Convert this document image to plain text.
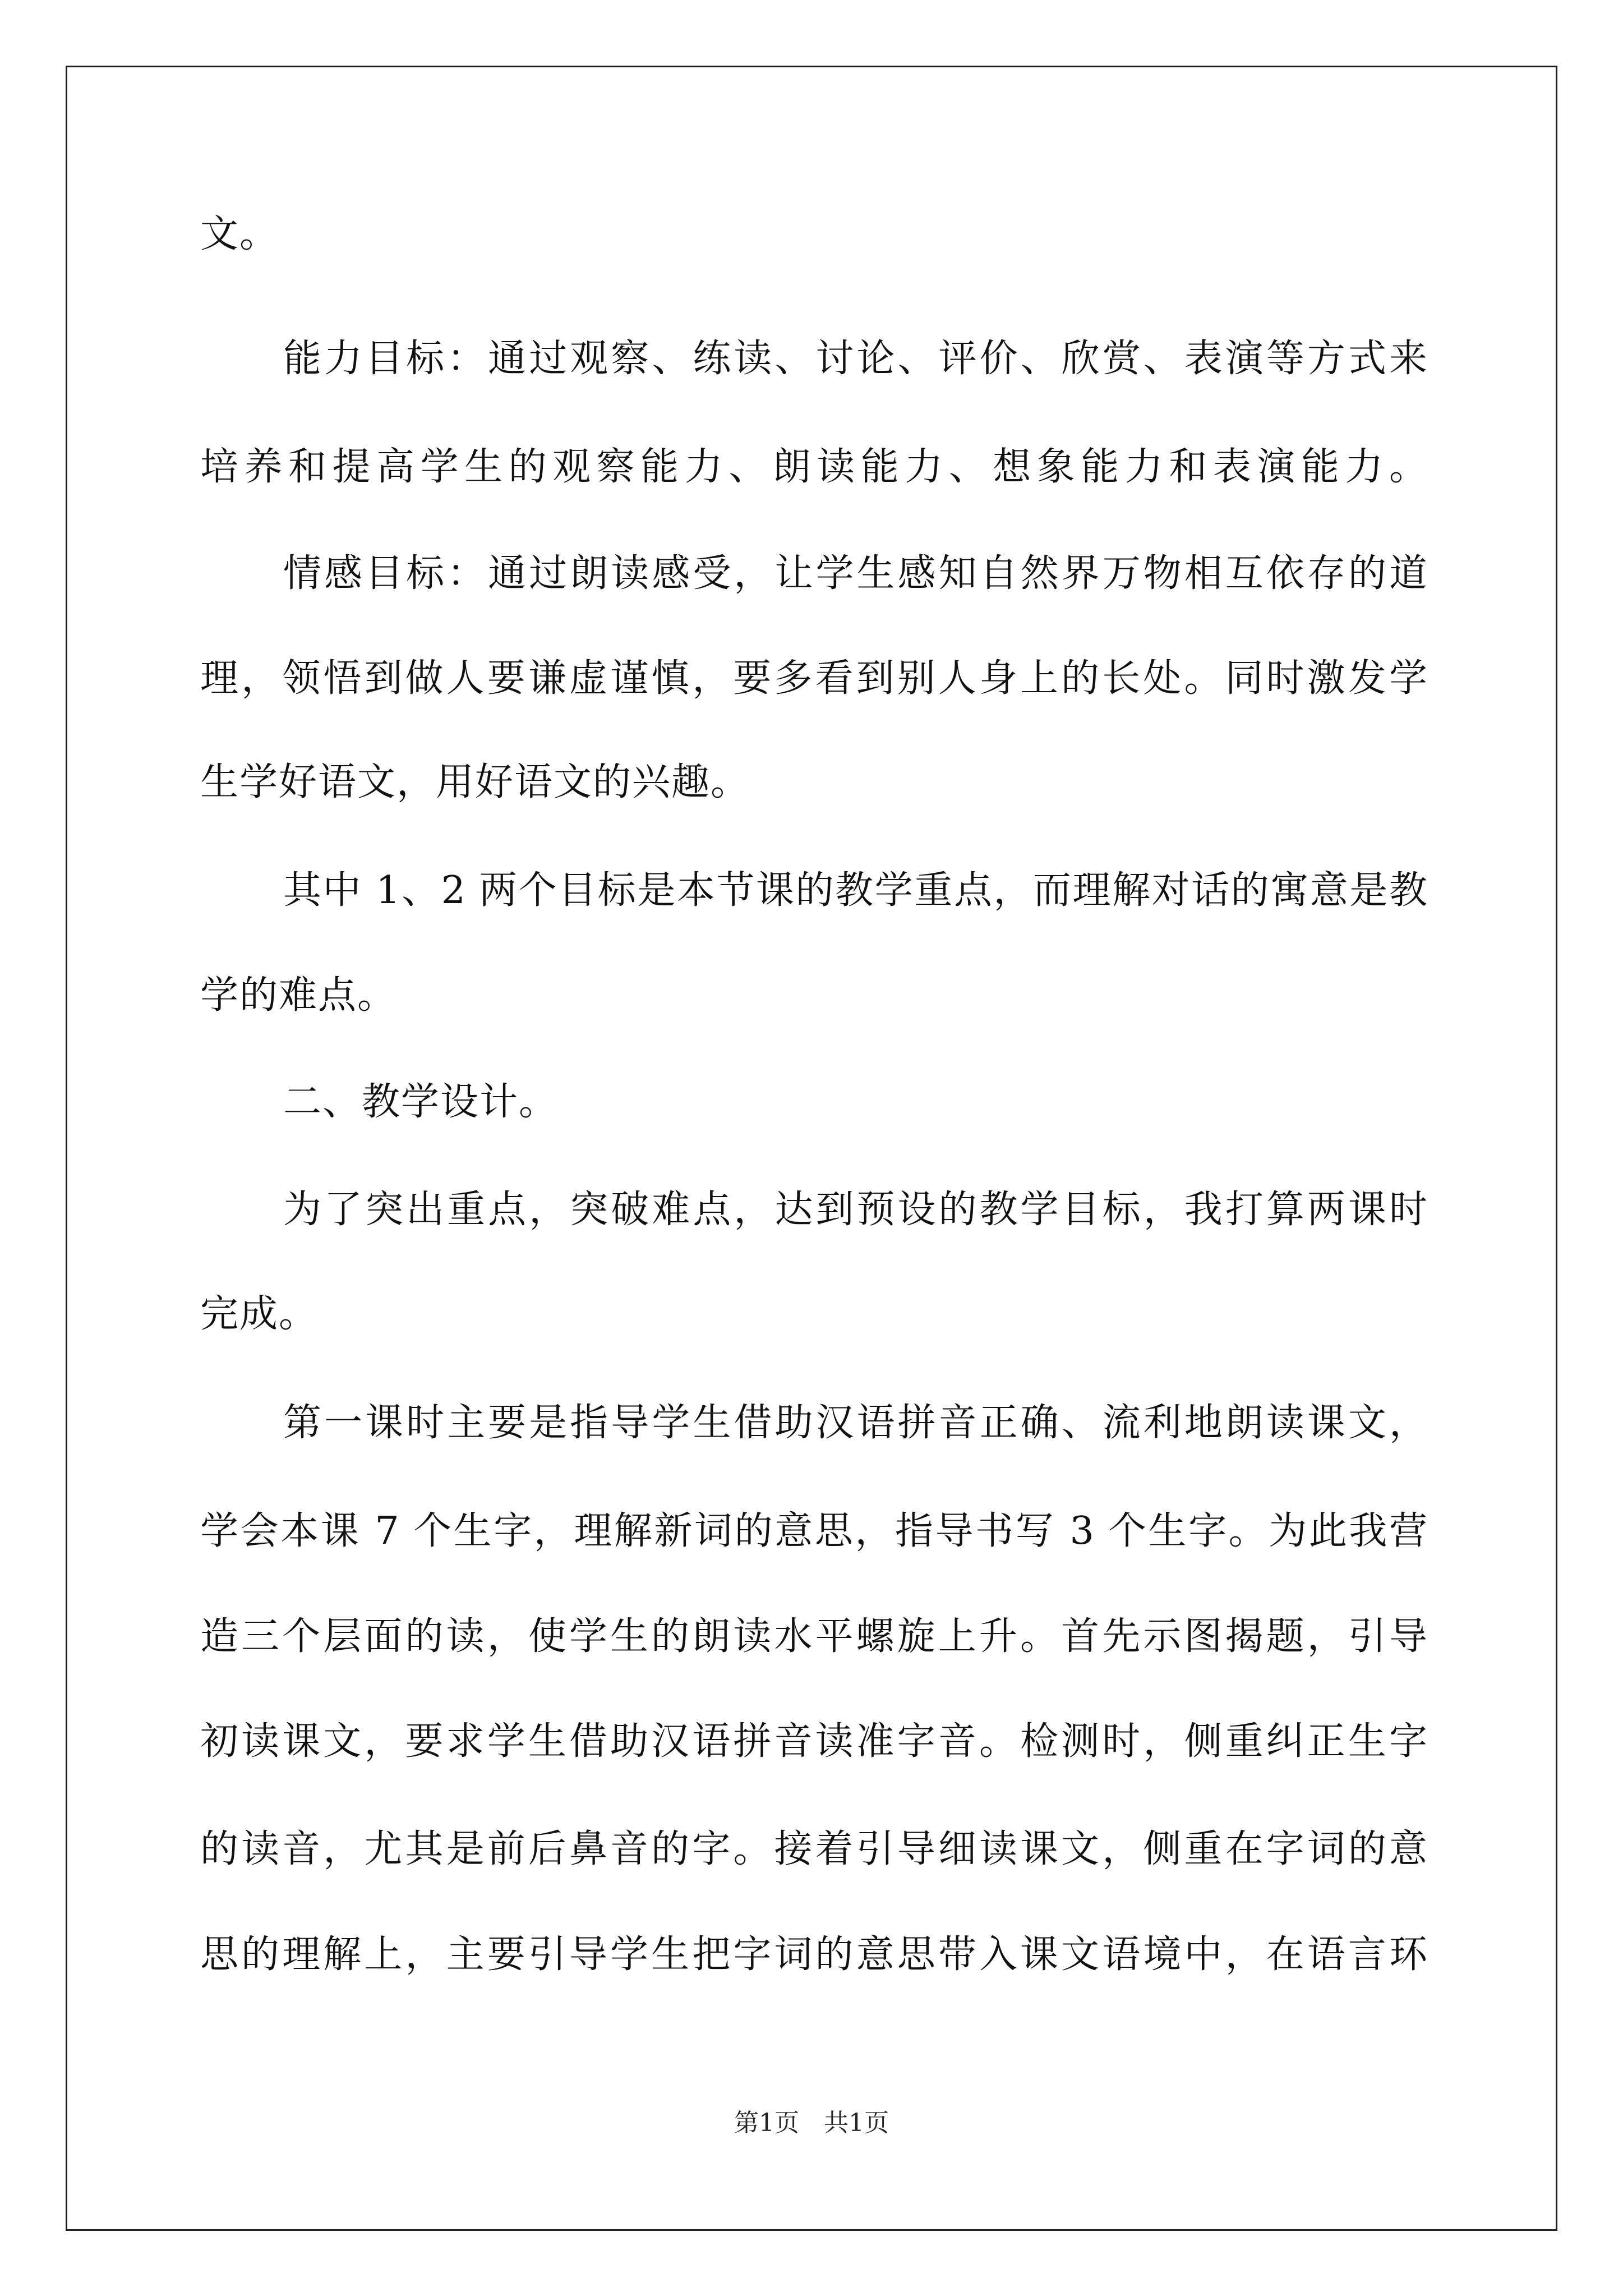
文。
能力目标：通过观察、练读、讨论、评价、欣赏、表演等方式来
培养和提高学生的观察能力、朗读能力、想象能力和表演能力。
情感目标：通过朗读感受，让学生感知自然界万物相互依存的道
理，领悟到做人要谦虚谨慎，要多看到别人身上的长处。同时激发学
生学好语文，用好语文的兴趣。
其中 1、2 两个目标是本节课的教学重点，而理解对话的寓意是教
学的难点。
二、教学设计。
为了突出重点，突破难点，达到预设的教学目标，我打算两课时
完成。
第一课时主要是指导学生借助汉语拼音正确、流利地朗读课文，
学会本课 7 个生字，理解新词的意思，指导书写 3 个生字。为此我营
造三个层面的读，使学生的朗读水平螺旋上升。首先示图揭题，引导
初读课文，要求学生借助汉语拼音读准字音。检测时，侧重纠正生字
的读音，尤其是前后鼻音的字。接着引导细读课文，侧重在字词的意
思的理解上，主要引导学生把字词的意思带入课文语境中，在语言环
第1页　共1页
